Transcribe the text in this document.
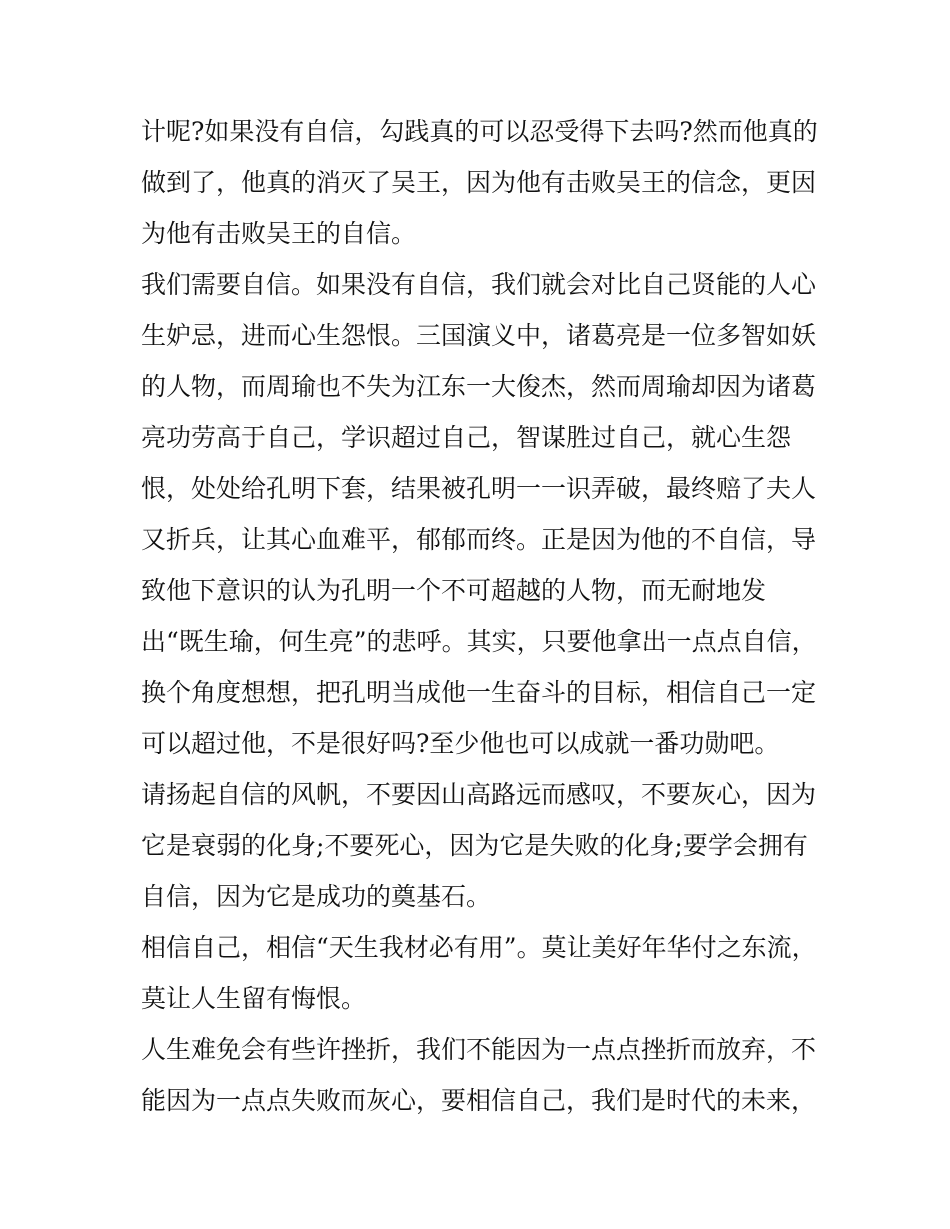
计呢?如果没有自信，勾践真的可以忍受得下去吗?然而他真的

做到了，他真的消灭了吴王，因为他有击败吴王的信念，更因

为他有击败吴王的自信。

我们需要自信。如果没有自信，我们就会对比自己贤能的人心

生妒忌，进而心生怨恨。三国演义中，诸葛亮是一位多智如妖

的人物，而周瑜也不失为江东一大俊杰，然而周瑜却因为诸葛

亮功劳高于自己，学识超过自己，智谋胜过自己，就心生怨

恨，处处给孔明下套，结果被孔明一一识弄破，最终赔了夫人

又折兵，让其心血难平，郁郁而终。正是因为他的不自信，导

致他下意识的认为孔明一个不可超越的人物，而无耐地发

出“既生瑜，何生亮”的悲呼。其实，只要他拿出一点点自信，

换个角度想想，把孔明当成他一生奋斗的目标，相信自己一定

可以超过他，不是很好吗?至少他也可以成就一番功勋吧。

请扬起自信的风帆，不要因山高路远而感叹，不要灰心，因为

它是衰弱的化身;不要死心，因为它是失败的化身;要学会拥有

自信，因为它是成功的奠基石。

相信自己，相信“天生我材必有用”。莫让美好年华付之东流，

莫让人生留有悔恨。

人生难免会有些许挫折，我们不能因为一点点挫折而放弃，不

能因为一点点失败而灰心，要相信自己，我们是时代的未来，
